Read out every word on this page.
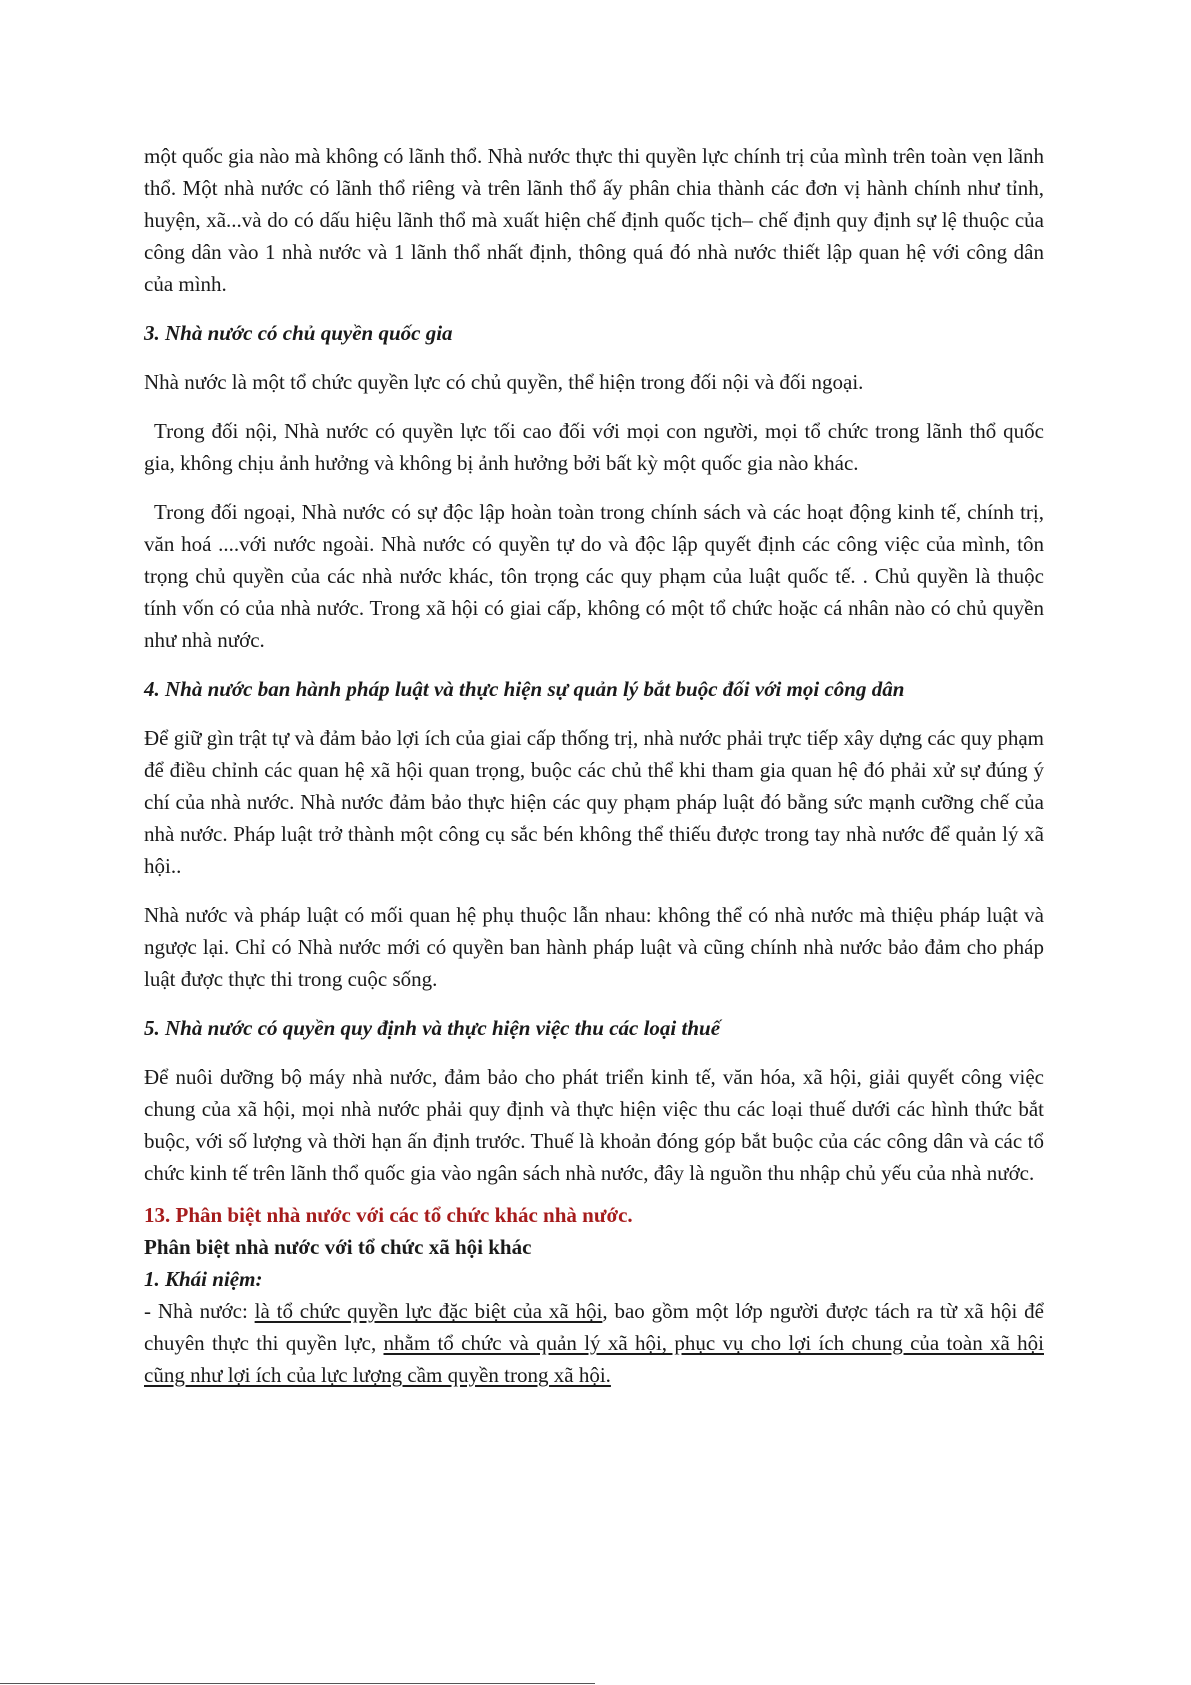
một quốc gia nào mà không có lãnh thổ. Nhà nước thực thi quyền lực chính trị của mình trên toàn vẹn lãnh thổ. Một nhà nước có lãnh thổ riêng và trên lãnh thổ ấy phân chia thành các đơn vị hành chính như tỉnh, huyện, xã...và do có dấu hiệu lãnh thổ mà xuất hiện chế định quốc tịch– chế định quy định sự lệ thuộc của công dân vào 1 nhà nước và 1 lãnh thổ nhất định, thông quá đó nhà nước thiết lập quan hệ với công dân của mình.

3. Nhà nước có chủ quyền quốc gia

Nhà nước là một tổ chức quyền lực có chủ quyền, thể hiện trong đối nội và đối ngoại.

Trong đối nội, Nhà nước có quyền lực tối cao đối với mọi con người, mọi tổ chức trong lãnh thổ quốc gia, không chịu ảnh hưởng và không bị ảnh hưởng bởi bất kỳ một quốc gia nào khác.

Trong đối ngoại, Nhà nước có sự độc lập hoàn toàn trong chính sách và các hoạt động kinh tế, chính trị, văn hoá ....với nước ngoài. Nhà nước có quyền tự do và độc lập quyết định các công việc của mình, tôn trọng chủ quyền của các nhà nước khác, tôn trọng các quy phạm của luật quốc tế. . Chủ quyền là thuộc tính vốn có của nhà nước. Trong xã hội có giai cấp, không có một tổ chức hoặc cá nhân nào có chủ quyền như nhà nước.

4. Nhà nước ban hành pháp luật và thực hiện sự quản lý bắt buộc đối với mọi công dân

Để giữ gìn trật tự và đảm bảo lợi ích của giai cấp thống trị, nhà nước phải trực tiếp xây dựng các quy phạm để điều chỉnh các quan hệ xã hội quan trọng, buộc các chủ thể khi tham gia quan hệ đó phải xử sự đúng ý chí của nhà nước. Nhà nước đảm bảo thực hiện các quy phạm pháp luật đó bằng sức mạnh cưỡng chế của nhà nước. Pháp luật trở thành một công cụ sắc bén không thể thiếu được trong tay nhà nước để quản lý xã hội..

Nhà nước và pháp luật có mối quan hệ phụ thuộc lẫn nhau: không thể có nhà nước mà thiệu pháp luật và ngược lại. Chỉ có Nhà nước mới có quyền ban hành pháp luật và cũng chính nhà nước bảo đảm cho pháp luật được thực thi trong cuộc sống.

5. Nhà nước có quyền quy định và thực hiện việc thu các loại thuế

Để nuôi dưỡng bộ máy nhà nước, đảm bảo cho phát triển kinh tế, văn hóa, xã hội, giải quyết công việc chung của xã hội, mọi nhà nước phải quy định và thực hiện việc thu các loại thuế dưới các hình thức bắt buộc, với số lượng và thời hạn ấn định trước. Thuế là khoản đóng góp bắt buộc của các công dân và các tổ chức kinh tế trên lãnh thổ quốc gia vào ngân sách nhà nước, đây là nguồn thu nhập chủ yếu của nhà nước.

13. Phân biệt nhà nước với các tổ chức khác nhà nước.
Phân biệt nhà nước với tổ chức xã hội khác
1. Khái niệm:

- Nhà nước: là tổ chức quyền lực đặc biệt của xã hội, bao gồm một lớp người được tách ra từ xã hội để chuyên thực thi quyền lực, nhằm tổ chức và quản lý xã hội, phục vụ cho lợi ích chung của toàn xã hội cũng như lợi ích của lực lượng cầm quyền trong xã hội.
